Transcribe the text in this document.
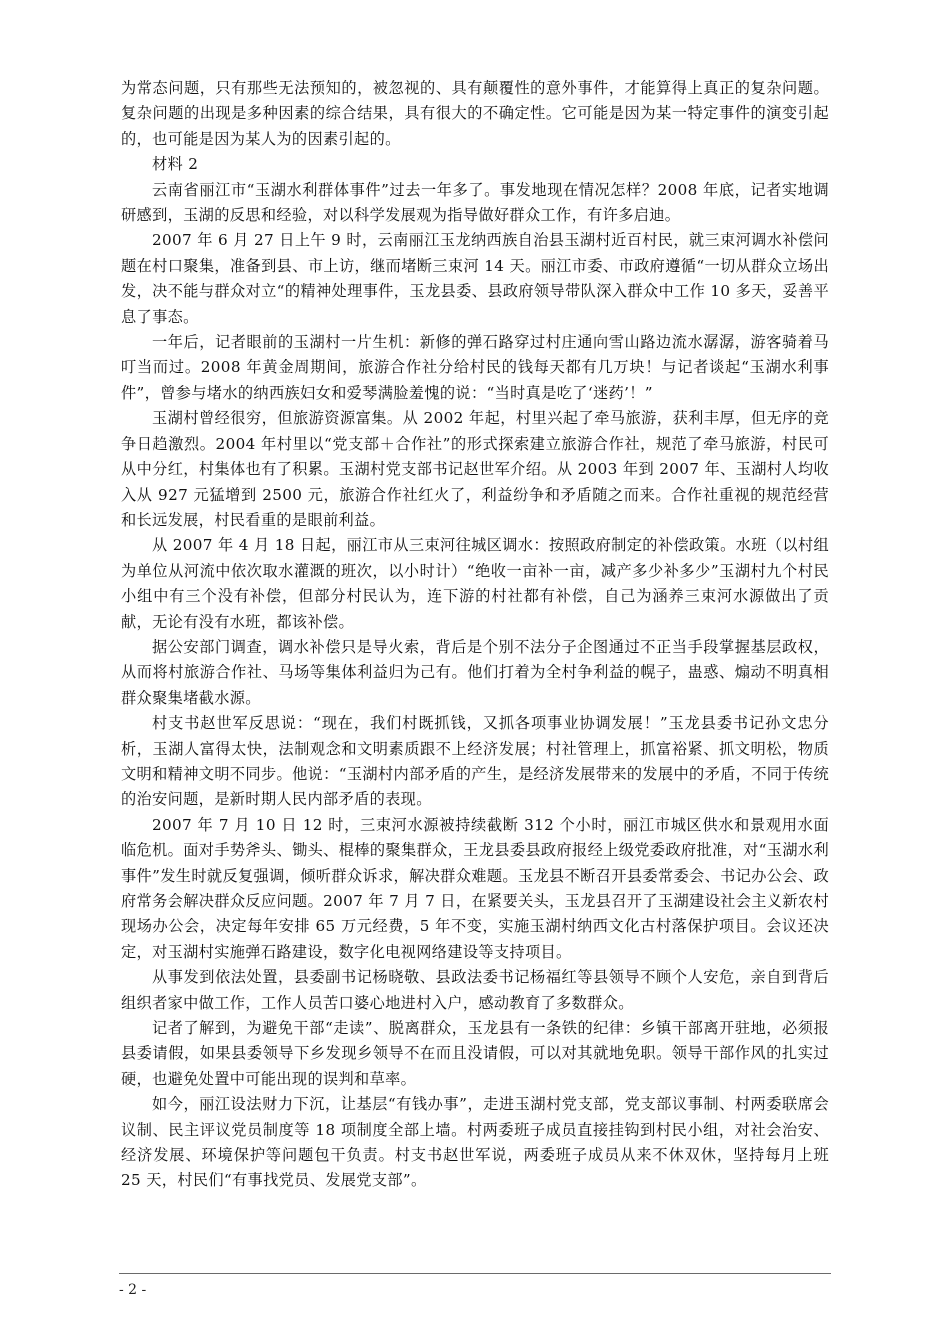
为常态问题，只有那些无法预知的，被忽视的、具有颠覆性的意外事件，才能算得上真正的复杂问题。复杂问题的出现是多种因素的综合结果，具有很大的不确定性。它可能是因为某一特定事件的演变引起的，也可能是因为某人为的因素引起的。

材料 2

云南省丽江市“玉湖水利群体事件”过去一年多了。事发地现在情况怎样？2008 年底，记者实地调研感到，玉湖的反思和经验，对以科学发展观为指导做好群众工作，有许多启迪。

2007 年 6 月 27 日上午 9 时，云南丽江玉龙纳西族自治县玉湖村近百村民，就三束河调水补偿问题在村口聚集，准备到县、市上访，继而堵断三束河 14 天。丽江市委、市政府遵循“一切从群众立场出发，决不能与群众对立“的精神处理事件，玉龙县委、县政府领导带队深入群众中工作 10 多天，妥善平息了事态。

一年后，记者眼前的玉湖村一片生机：新修的弹石路穿过村庄通向雪山路边流水潺潺，游客骑着马叮当而过。2008 年黄金周期间，旅游合作社分给村民的钱每天都有几万块！与记者谈起“玉湖水利事件”，曾参与堵水的纳西族妇女和爱琴满脸羞愧的说：“当时真是吃了‘迷药’！”

玉湖村曾经很穷，但旅游资源富集。从 2002 年起，村里兴起了牵马旅游，获利丰厚，但无序的竞争日趋激烈。2004 年村里以“党支部＋合作社”的形式探索建立旅游合作社，规范了牵马旅游，村民可从中分红，村集体也有了积累。玉湖村党支部书记赵世军介绍。从 2003 年到 2007 年、玉湖村人均收入从 927 元猛增到 2500 元，旅游合作社红火了，利益纷争和矛盾随之而来。合作社重视的规范经营和长远发展，村民看重的是眼前利益。

从 2007 年 4 月 18 日起，丽江市从三束河往城区调水：按照政府制定的补偿政策。水班（以村组为单位从河流中依次取水灌溉的班次，以小时计）“绝收一亩补一亩，减产多少补多少”玉湖村九个村民小组中有三个没有补偿，但部分村民认为，连下游的村社都有补偿，自己为涵养三束河水源做出了贡献，无论有没有水班，都该补偿。

据公安部门调查，调水补偿只是导火索，背后是个别不法分子企图通过不正当手段掌握基层政权，从而将村旅游合作社、马场等集体利益归为己有。他们打着为全村争利益的幌子，蛊惑、煽动不明真相群众聚集堵截水源。

村支书赵世军反思说：“现在，我们村既抓钱，又抓各项事业协调发展！”玉龙县委书记孙文忠分析，玉湖人富得太快，法制观念和文明素质跟不上经济发展；村社管理上，抓富裕紧、抓文明松，物质文明和精神文明不同步。他说：“玉湖村内部矛盾的产生，是经济发展带来的发展中的矛盾，不同于传统的治安问题，是新时期人民内部矛盾的表现。

2007 年 7 月 10 日 12 时，三束河水源被持续截断 312 个小时，丽江市城区供水和景观用水面临危机。面对手势斧头、锄头、棍棒的聚集群众，王龙县委县政府报经上级党委政府批准，对“玉湖水利事件”发生时就反复强调，倾听群众诉求，解决群众难题。玉龙县不断召开县委常委会、书记办公会、政府常务会解决群众反应问题。2007 年 7 月 7 日，在紧要关头，玉龙县召开了玉湖建设社会主义新农村现场办公会，决定每年安排 65 万元经费，5 年不变，实施玉湖村纳西文化古村落保护项目。会议还决定，对玉湖村实施弹石路建设，数字化电视网络建设等支持项目。

从事发到依法处置，县委副书记杨晓敬、县政法委书记杨福红等县领导不顾个人安危，亲自到背后组织者家中做工作，工作人员苦口婆心地进村入户，感动教育了多数群众。

记者了解到，为避免干部“走读”、脱离群众，玉龙县有一条铁的纪律：乡镇干部离开驻地，必须报县委请假，如果县委领导下乡发现乡领导不在而且没请假，可以对其就地免职。领导干部作风的扎实过硬，也避免处置中可能出现的误判和草率。

如今，丽江设法财力下沉，让基层“有钱办事”，走进玉湖村党支部，党支部议事制、村两委联席会议制、民主评议党员制度等 18 项制度全部上墙。村两委班子成员直接挂钩到村民小组，对社会治安、经济发展、环境保护等问题包干负责。村支书赵世军说，两委班子成员从来不休双休，坚持每月上班 25 天，村民们“有事找党员、发展党支部”。

- 2 -
